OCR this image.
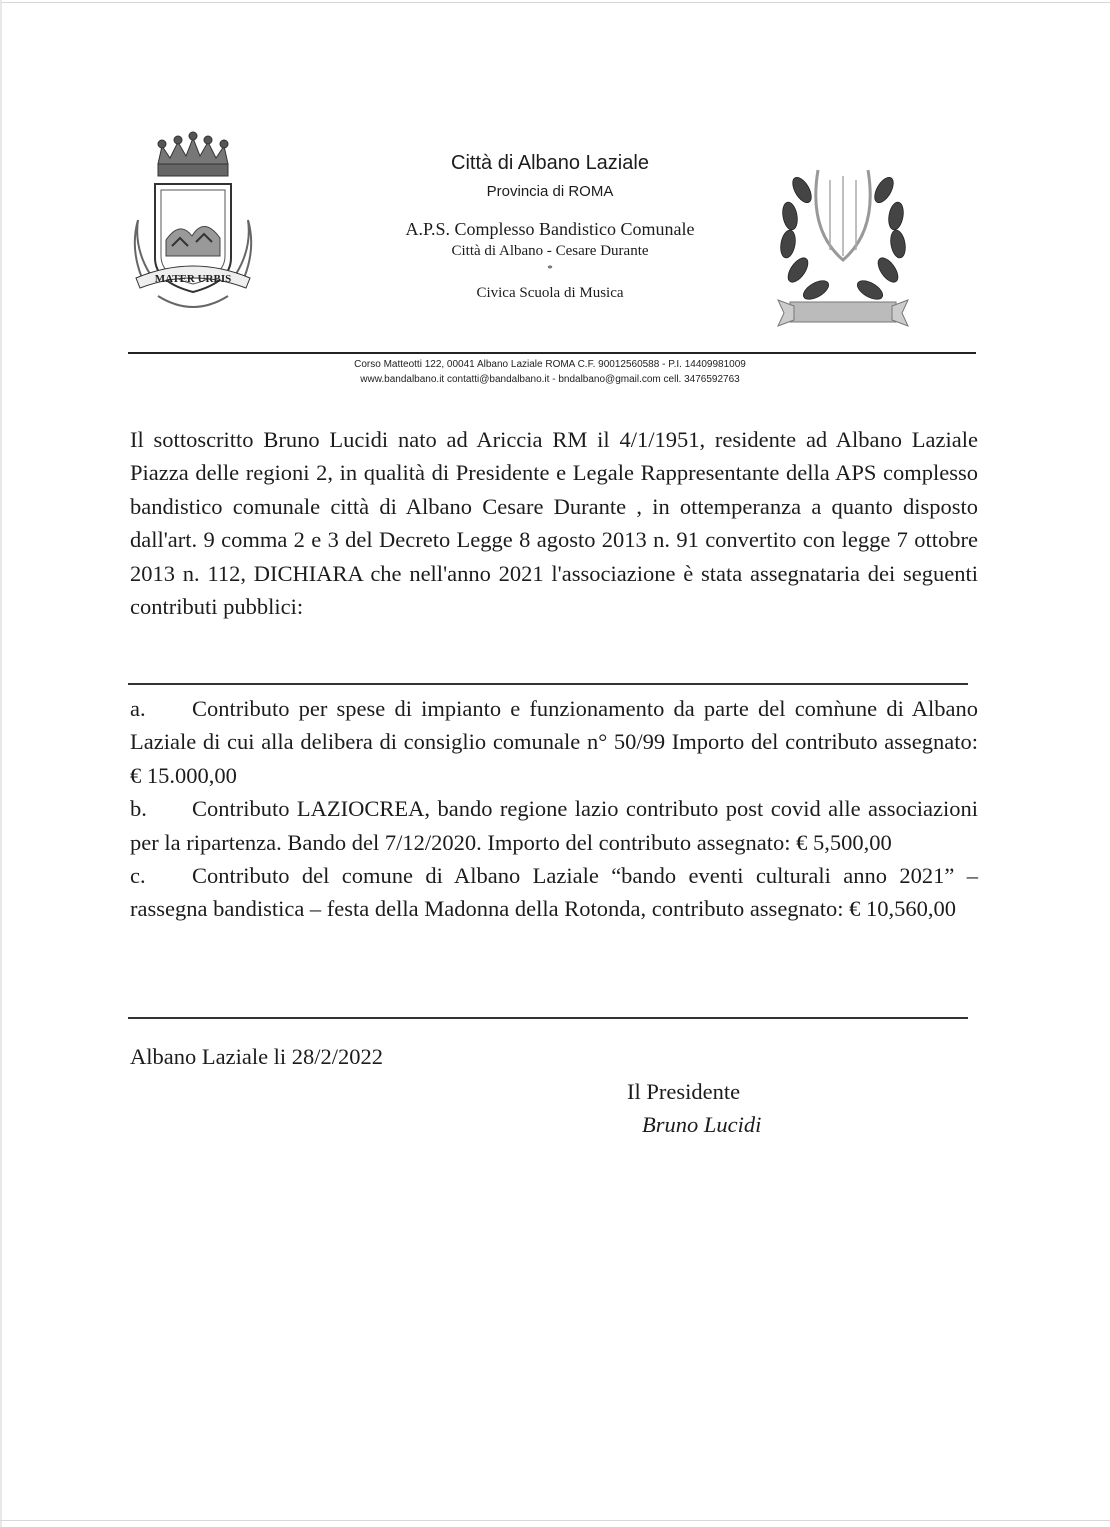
MATER URBIS
Città di Albano Laziale
Provincia di ROMA
A.P.S. Complesso Bandistico Comunale
Città di Albano - Cesare Durante
*
Civica Scuola di Musica
Corso Matteotti 122, 00041 Albano Laziale ROMA C.F. 90012560588 - P.I. 14409981009
www.bandalbano.it contatti@bandalbano.it - bndalbano@gmail.com cell. 3476592763
Il sottoscritto Bruno Lucidi nato ad Ariccia RM il 4/1/1951, residente ad Albano Laziale Piazza delle regioni 2, in qualità di Presidente e Legale Rappresentante della APS complesso bandistico comunale città di Albano Cesare Durante , in ottemperanza a quanto disposto dall'art. 9 comma 2 e 3 del Decreto Legge 8 agosto 2013 n. 91 convertito con legge 7 ottobre 2013 n. 112, DICHIARA che nell'anno 2021 l'associazione è stata assegnataria dei seguenti contributi pubblici:

a. Contributo per spese di impianto e funzionamento da parte del comǹune di Albano Laziale di cui alla delibera di consiglio comunale n° 50/99 Importo del contributo assegnato: € 15.000,00

b. Contributo LAZIOCREA, bando regione lazio contributo post covid alle associazioni per la ripartenza. Bando del 7/12/2020. Importo del contributo assegnato: € 5,500,00

c. Contributo del comune di Albano Laziale “bando eventi culturali anno 2021” – rassegna bandistica – festa della Madonna della Rotonda, contributo assegnato: € 10,560,00

Albano Laziale li 28/2/2022
Il Presidente
Bruno Lucidi
